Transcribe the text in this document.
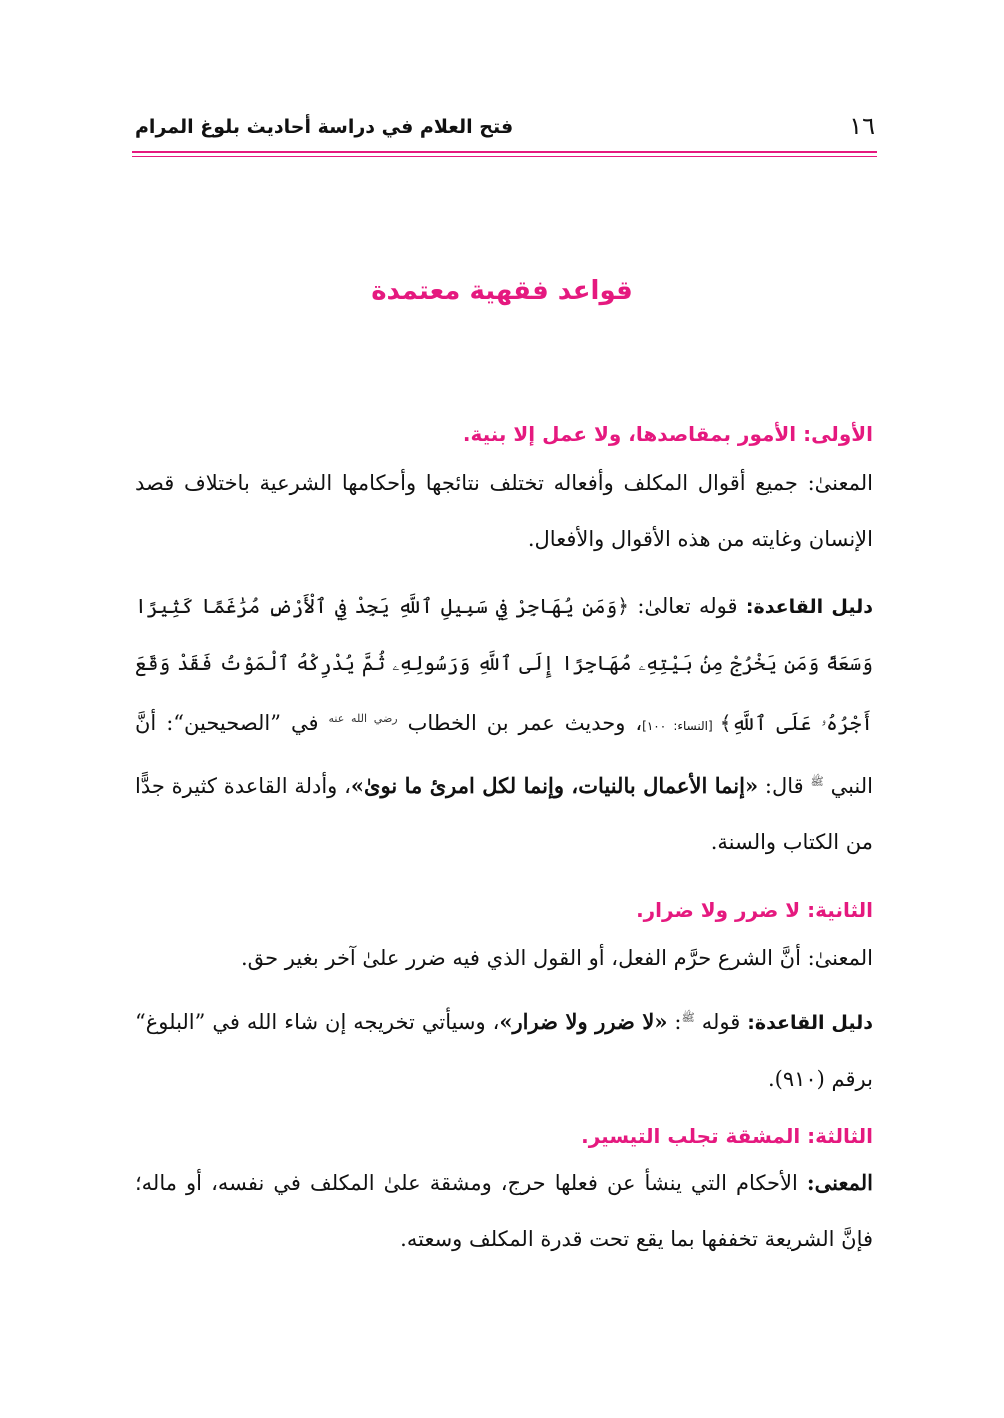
١٦
فتح العلام في دراسة أحاديث بلوغ المرام
قواعد فقهية معتمدة
الأولى: الأمور بمقاصدها، ولا عمل إلا بنية.
المعنىٰ: جميع أقوال المكلف وأفعاله تختلف نتائجها وأحكامها الشرعية باختلاف قصد الإنسان وغايته من هذه الأقوال والأفعال.
دليل القاعدة: قوله تعالىٰ: ﴿وَمَن يُهَاجِرْ فِي سَبِيلِ ٱللَّهِ يَجِدْ فِي ٱلْأَرْضِ مُرَٰغَمًا كَثِيرًا وَسَعَةً وَمَن يَخْرُجْ مِنۢ بَيْتِهِۦ مُهَاجِرًا إِلَى ٱللَّهِ وَرَسُولِهِۦ ثُمَّ يُدْرِكْهُ ٱلْمَوْتُ فَقَدْ وَقَعَ أَجْرُهُۥ عَلَى ٱللَّهِ﴾ [النساء: ١٠٠]، وحديث عمر بن الخطاب $^{رضي الله عنه}$ في ”الصحيحين“: أنَّ النبي $^ﷺ$ قال: «إنما الأعمال بالنيات، وإنما لكل امرئ ما نوىٰ»، وأدلة القاعدة كثيرة جدًّا من الكتاب والسنة.
الثانية: لا ضرر ولا ضرار.
المعنىٰ: أنَّ الشرع حرَّم الفعل، أو القول الذي فيه ضرر علىٰ آخر بغير حق.
دليل القاعدة: قوله $^ﷺ$: «لا ضرر ولا ضرار»، وسيأتي تخريجه إن شاء الله في ”البلوغ“ برقم (٩١٠).
الثالثة: المشقة تجلب التيسير.
المعنى: الأحكام التي ينشأ عن فعلها حرج، ومشقة علىٰ المكلف في نفسه، أو ماله؛ فإنَّ الشريعة تخففها بما يقع تحت قدرة المكلف وسعته.
